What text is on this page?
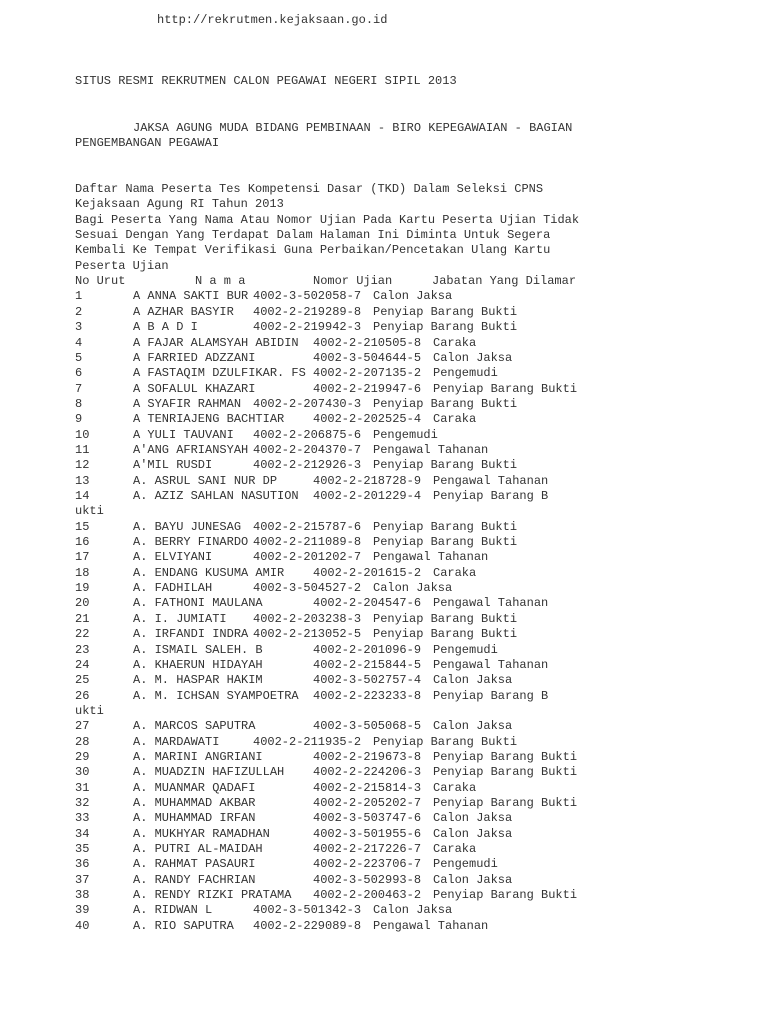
http://rekrutmen.kejaksaan.go.id
SITUS RESMI REKRUTMEN CALON PEGAWAI NEGERI SIPIL 2013
JAKSA AGUNG MUDA BIDANG PEMBINAAN - BIRO KEPEGAWAIAN - BAGIAN
PENGEMBANGAN PEGAWAI
Daftar Nama Peserta Tes Kompetensi Dasar (TKD) Dalam Seleksi CPNS
Kejaksaan Agung RI Tahun 2013
Bagi Peserta Yang Nama Atau Nomor Ujian Pada Kartu Peserta Ujian Tidak
Sesuai Dengan Yang Terdapat Dalam Halaman Ini Diminta Untuk Segera
Kembali Ke Tempat Verifikasi Guna Perbaikan/Pencetakan Ulang Kartu
Peserta Ujian
No Urut	N a m a	Nomor Ujian	Jabatan Yang Dilamar
1	A ANNA SAKTI BUR 4002-3-502058-7 Calon Jaksa
2	A AZHAR BASYIR 4002-2-219289-8 Penyiap Barang Bukti
3	A B A D I	4002-2-219942-3 Penyiap Barang Bukti
4	A FAJAR ALAMSYAH ABIDIN 4002-2-210505-8 Caraka
5	A FARRIED ADZZANI	4002-3-504644-5 Calon Jaksa
6	A FASTAQIM DZULFIKAR. FS 4002-2-207135-2 Pengemudi
7	A SOFALUL KHAZARI	4002-2-219947-6 Penyiap Barang Bukti
8	A SYAFIR RAHMAN 4002-2-207430-3 Penyiap Barang Bukti
9	A TENRIAJENG BACHTIAR 4002-2-202525-4 Caraka
10	A YULI TAUVANI 4002-2-206875-6 Pengemudi
11	A'ANG AFRIANSYAH 4002-2-204370-7 Pengawal Tahanan
12	A'MIL RUSDI	4002-2-212926-3 Penyiap Barang Bukti
13	A. ASRUL SANI NUR DP	4002-2-218728-9 Pengawal Tahanan
14	A. AZIZ SAHLAN NASUTION 4002-2-201229-4 Penyiap Barang B
ukti
15	A. BAYU JUNESAG 4002-2-215787-6 Penyiap Barang Bukti
16	A. BERRY FINARDO 4002-2-211089-8 Penyiap Barang Bukti
17	A. ELVIYANI	4002-2-201202-7 Pengawal Tahanan
18	A. ENDANG KUSUMA AMIR 4002-2-201615-2 Caraka
19	A. FADHILAH	4002-3-504527-2 Calon Jaksa
20	A. FATHONI MAULANA	4002-2-204547-6 Pengawal Tahanan
21	A. I. JUMIATI 4002-2-203238-3 Penyiap Barang Bukti
22	A. IRFANDI INDRA 4002-2-213052-5 Penyiap Barang Bukti
23	A. ISMAIL SALEH. B	4002-2-201096-9 Pengemudi
24	A. KHAERUN HIDAYAH	4002-2-215844-5 Pengawal Tahanan
25	A. M. HASPAR HAKIM	4002-3-502757-4 Calon Jaksa
26	A. M. ICHSAN SYAMPOETRA 4002-2-223233-8 Penyiap Barang B
ukti
27	A. MARCOS SAPUTRA	4002-3-505068-5 Calon Jaksa
28	A. MARDAWATI	4002-2-211935-2 Penyiap Barang Bukti
29	A. MARINI ANGRIANI	4002-2-219673-8 Penyiap Barang Bukti
30	A. MUADZIN HAFIZULLAH 4002-2-224206-3 Penyiap Barang Bukti
31	A. MUANMAR QADAFI	4002-2-215814-3 Caraka
32	A. MUHAMMAD AKBAR	4002-2-205202-7 Penyiap Barang Bukti
33	A. MUHAMMAD IRFAN	4002-3-503747-6 Calon Jaksa
34	A. MUKHYAR RAMADHAN	4002-3-501955-6 Calon Jaksa
35	A. PUTRI AL-MAIDAH	4002-2-217226-7 Caraka
36	A. RAHMAT PASAURI	4002-2-223706-7 Pengemudi
37	A. RANDY FACHRIAN	4002-3-502993-8 Calon Jaksa
38	A. RENDY RIZKI PRATAMA 4002-2-200463-2 Penyiap Barang Bukti
39	A. RIDWAN L	4002-3-501342-3 Calon Jaksa
40	A. RIO SAPUTRA 4002-2-229089-8 Pengawal Tahanan
